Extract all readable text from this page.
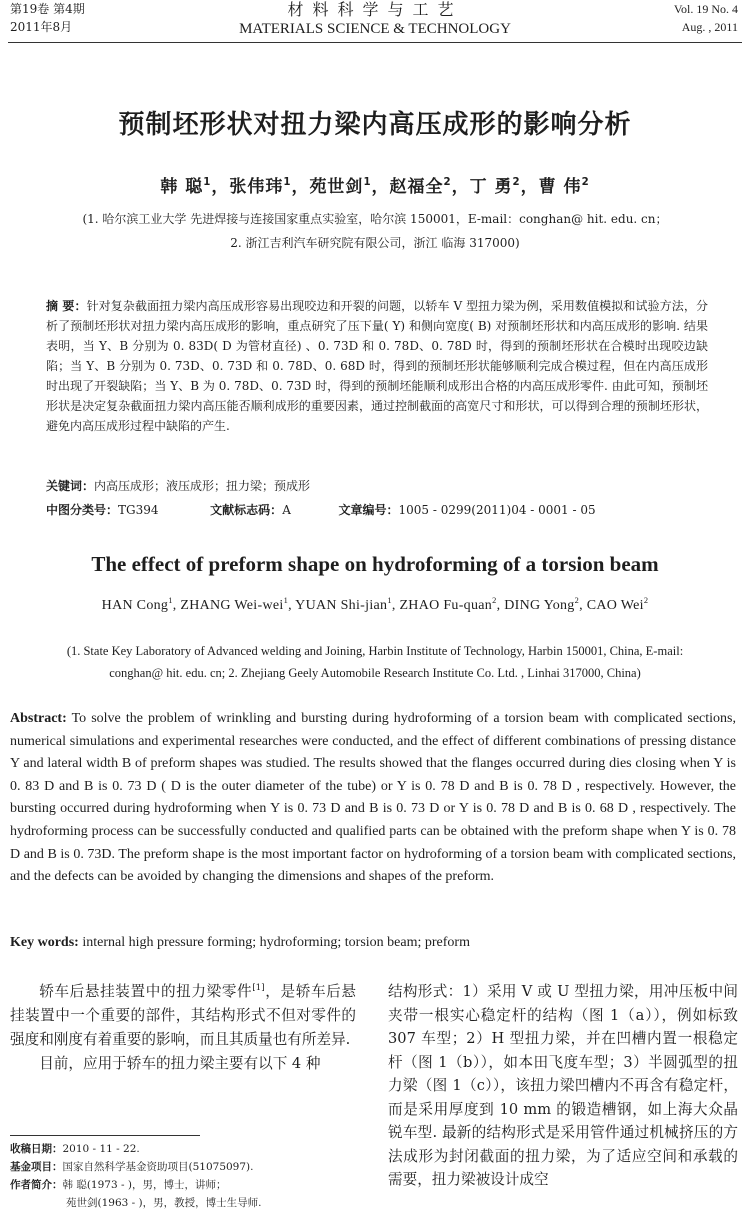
第19卷 第4期
2011年8月
材料科学与工艺
MATERIALS SCIENCE & TECHNOLOGY
Vol. 19 No. 4
Aug. , 2011
预制坯形状对扭力梁内高压成形的影响分析
韩 聪$^1$，张伟玮$^1$，苑世剑$^1$，赵福全$^2$，丁 勇$^2$，曹 伟$^2$
(1. 哈尔滨工业大学 先进焊接与连接国家重点实验室，哈尔滨 150001，E-mail：conghan@ hit. edu. cn；
2. 浙江吉利汽车研究院有限公司，浙江 临海 317000)
摘 要：针对复杂截面扭力梁内高压成形容易出现咬边和开裂的问题，以轿车 V 型扭力梁为例，采用数值模拟和试验方法，分析了预制坯形状对扭力梁内高压成形的影响，重点研究了压下量( Y) 和侧向宽度( B) 对预制坯形状和内高压成形的影响. 结果表明，当 Y、B 分别为 0. 83D( D 为管材直径) 、0. 73D 和 0. 78D、0. 78D 时，得到的预制坯形状在合模时出现咬边缺陷；当 Y、B 分别为 0. 73D、0. 73D 和 0. 78D、0. 68D 时，得到的预制坯形状能够顺利完成合模过程，但在内高压成形时出现了开裂缺陷；当 Y、B 为 0. 78D、0. 73D 时，得到的预制坯能顺利成形出合格的内高压成形零件. 由此可知，预制坯形状是决定复杂截面扭力梁内高压能否顺利成形的重要因素，通过控制截面的高宽尺寸和形状，可以得到合理的预制坯形状，避免内高压成形过程中缺陷的产生.
关键词：内高压成形；液压成形；扭力梁；预成形
中图分类号：TG394	文献标志码：A	文章编号：1005 - 0299(2011)04 - 0001 - 05
The effect of preform shape on hydroforming of a torsion beam
HAN Cong$^1$, ZHANG Wei-wei$^1$, YUAN Shi-jian$^1$, ZHAO Fu-quan$^2$, DING Yong$^2$, CAO Wei$^2$
(1. State Key Laboratory of Advanced welding and Joining, Harbin Institute of Technology, Harbin 150001, China, E-mail:
conghan@ hit. edu. cn; 2. Zhejiang Geely Automobile Research Institute Co. Ltd. , Linhai 317000, China)
Abstract: To solve the problem of wrinkling and bursting during hydroforming of a torsion beam with complicated sections, numerical simulations and experimental researches were conducted, and the effect of different combinations of pressing distance Y and lateral width B of preform shapes was studied. The results showed that the flanges occurred during dies closing when Y is 0. 83 D and B is 0. 73 D ( D is the outer diameter of the tube) or Y is 0. 78 D and B is 0. 78 D , respectively. However, the bursting occurred during hydroforming when Y is 0. 73 D and B is 0. 73 D or Y is 0. 78 D and B is 0. 68 D , respectively. The hydroforming process can be successfully conducted and qualified parts can be obtained with the preform shape when Y is 0. 78 D and B is 0. 73D. The preform shape is the most important factor on hydroforming of a torsion beam with complicated sections, and the defects can be avoided by changing the dimensions and shapes of the preform.
Key words: internal high pressure forming; hydroforming; torsion beam; preform

轿车后悬挂装置中的扭力梁零件[1]，是轿车后悬挂装置中一个重要的部件，其结构形式不但对零件的强度和刚度有着重要的影响，而且其质量也有所差异.

目前，应用于轿车的扭力梁主要有以下 4 种

结构形式：1）采用 V 或 U 型扭力梁，用冲压板中间夹带一根实心稳定杆的结构（图 1（a）），例如标致307 车型；2）H 型扭力梁，并在凹槽内置一根稳定杆（图 1（b）），如本田飞度车型；3）半圆弧型的扭力梁（图 1（c）），该扭力梁凹槽内不再含有稳定杆，而是采用厚度到 10 mm 的锻造槽钢，如上海大众晶锐车型. 最新的结构形式是采用管件通过机械挤压的方法成形为封闭截面的扭力梁，为了适应空间和承载的需要，扭力梁被设计成空

收稿日期：2010 - 11 - 22.
基金项目：国家自然科学基金资助项目(51075097).
作者简介：韩 聪(1973 - )，男，博士，讲师；
苑世剑(1963 - )，男，教授，博士生导师.
